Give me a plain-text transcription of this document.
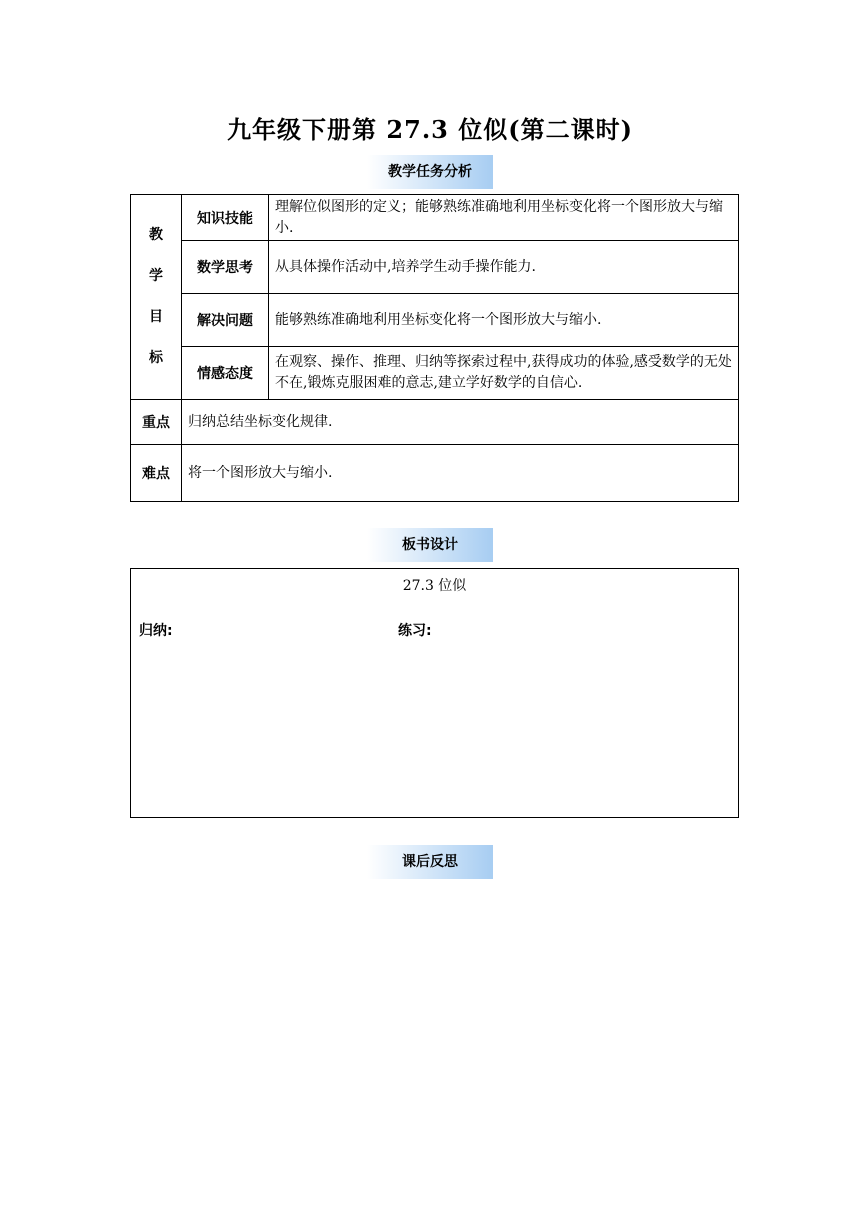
九年级下册第 27.3 位似(第二课时)
教学任务分析
教
学
目
标	知识技能	理解位似图形的定义；能够熟练准确地利用坐标变化将一个图形放大与缩小.
	数学思考	从具体操作活动中,培养学生动手操作能力.
	解决问题	能够熟练准确地利用坐标变化将一个图形放大与缩小.
	情感态度	在观察、操作、推理、归纳等探索过程中,获得成功的体验,感受数学的无处不在,锻炼克服困难的意志,建立学好数学的自信心.
重点	归纳总结坐标变化规律.	
难点	将一个图形放大与缩小.	
板书设计
27.3 位似
归纳:	练习:
课后反思
